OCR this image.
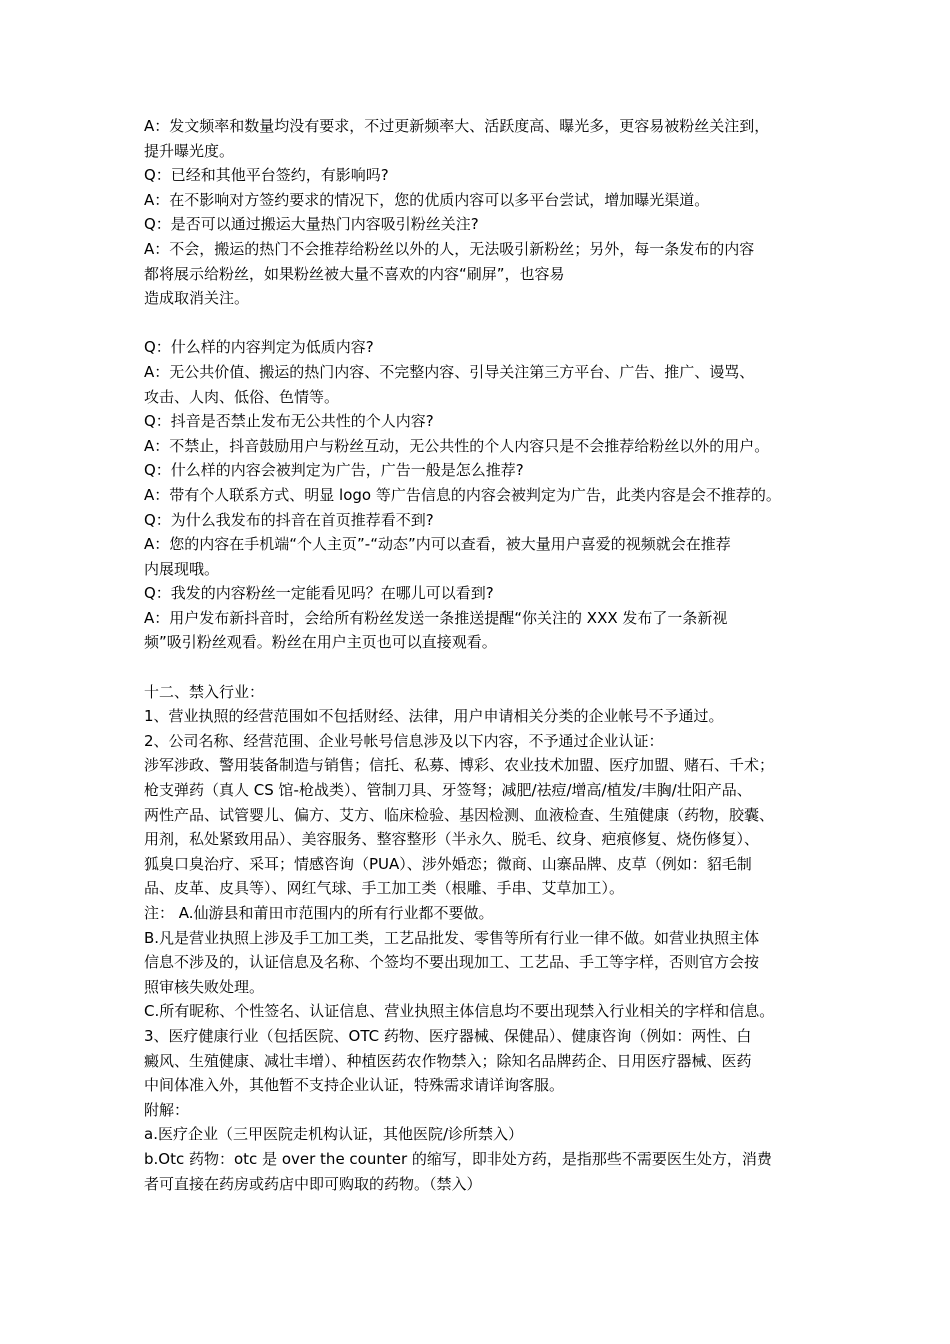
A：发文频率和数量均没有要求，不过更新频率大、活跃度高、曝光多，更容易被粉丝关注到，
提升曝光度。
Q：已经和其他平台签约，有影响吗?
A：在不影响对方签约要求的情况下，您的优质内容可以多平台尝试，增加曝光渠道。
Q：是否可以通过搬运大量热门内容吸引粉丝关注?
A：不会，搬运的热门不会推荐给粉丝以外的人，无法吸引新粉丝；另外，每一条发布的内容
都将展示给粉丝，如果粉丝被大量不喜欢的内容“刷屏”，也容易
造成取消关注。
Q：什么样的内容判定为低质内容?
A：无公共价值、搬运的热门内容、不完整内容、引导关注第三方平台、广告、推广、谩骂、
攻击、人肉、低俗、色情等。
Q：抖音是否禁止发布无公共性的个人内容?
A：不禁止，抖音鼓励用户与粉丝互动，无公共性的个人内容只是不会推荐给粉丝以外的用户。
Q：什么样的内容会被判定为广告，广告一般是怎么推荐?
A：带有个人联系方式、明显 logo 等广告信息的内容会被判定为广告，此类内容是会不推荐的。
Q：为什么我发布的抖音在首页推荐看不到?
A：您的内容在手机端“个人主页”-“动态”内可以查看，被大量用户喜爱的视频就会在推荐
内展现哦。
Q：我发的内容粉丝一定能看见吗？在哪儿可以看到?
A：用户发布新抖音时，会给所有粉丝发送一条推送提醒“你关注的 XXX 发布了一条新视
频”吸引粉丝观看。粉丝在用户主页也可以直接观看。
十二、禁入行业：
1、营业执照的经营范围如不包括财经、法律，用户申请相关分类的企业帐号不予通过。
2、公司名称、经营范围、企业号帐号信息涉及以下内容，不予通过企业认证：
涉军涉政、警用装备制造与销售；信托、私募、博彩、农业技术加盟、医疗加盟、赌石、千术；
枪支弹药（真人 CS 馆-枪战类）、管制刀具、牙签弩；减肥/祛痘/增高/植发/丰胸/壮阳产品、
两性产品、试管婴儿、偏方、艾方、临床检验、基因检测、血液检查、生殖健康（药物，胶囊、
用剂，私处紧致用品）、美容服务、整容整形（半永久、脱毛、纹身、疤痕修复、烧伤修复）、
狐臭口臭治疗、采耳；情感咨询（PUA）、涉外婚恋；微商、山寨品牌、皮草（例如：貂毛制
品、皮革、皮具等）、网红气球、手工加工类（根雕、手串、艾草加工）。
注： A.仙游县和莆田市范围内的所有行业都不要做。
B.凡是营业执照上涉及手工加工类，工艺品批发、零售等所有行业一律不做。如营业执照主体
信息不涉及的，认证信息及名称、个签均不要出现加工、工艺品、手工等字样，否则官方会按
照审核失败处理。
C.所有昵称、个性签名、认证信息、营业执照主体信息均不要出现禁入行业相关的字样和信息。
3、医疗健康行业（包括医院、OTC 药物、医疗器械、保健品）、健康咨询（例如：两性、白
癜风、生殖健康、减壮丰增）、种植医药农作物禁入；除知名品牌药企、日用医疗器械、医药
中间体准入外，其他暂不支持企业认证，特殊需求请详询客服。
附解：
a.医疗企业（三甲医院走机构认证，其他医院/诊所禁入）
b.Otc 药物：otc 是 over the counter 的缩写，即非处方药，是指那些不需要医生处方，消费
者可直接在药房或药店中即可购取的药物。（禁入）
